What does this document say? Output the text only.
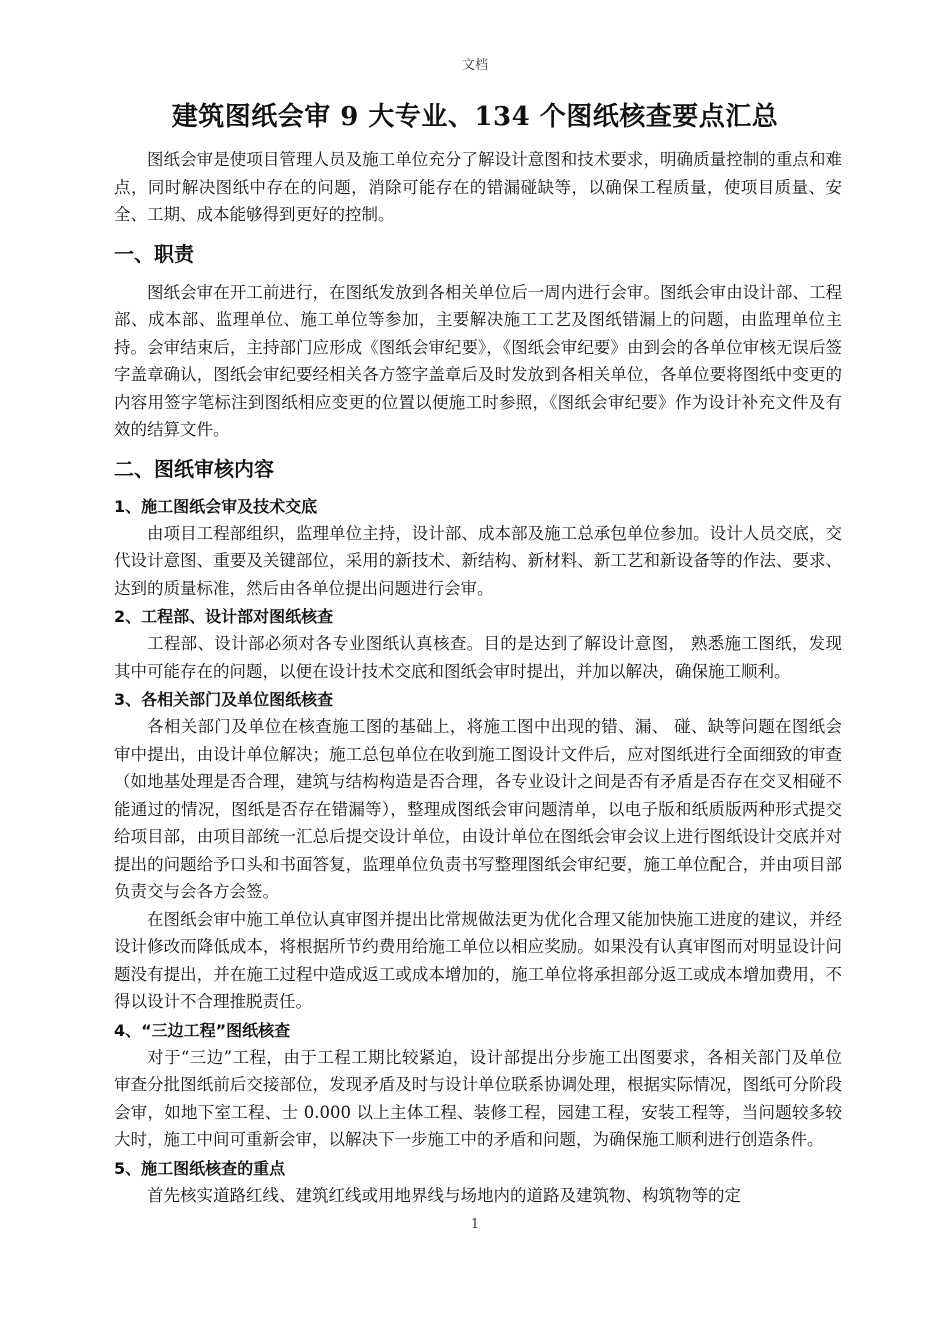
文档
建筑图纸会审 9 大专业、134 个图纸核查要点汇总

图纸会审是使项目管理人员及施工单位充分了解设计意图和技术要求，明确质量控制的重点和难点，同时解决图纸中存在的问题，消除可能存在的错漏碰缺等，以确保工程质量，使项目质量、安全、工期、成本能够得到更好的控制。

一、职责

图纸会审在开工前进行，在图纸发放到各相关单位后一周内进行会审。图纸会审由设计部、工程部、成本部、监理单位、施工单位等参加，主要解决施工工艺及图纸错漏上的问题，由监理单位主持。会审结束后，主持部门应形成《图纸会审纪要》，《图纸会审纪要》由到会的各单位审核无误后签字盖章确认，图纸会审纪要经相关各方签字盖章后及时发放到各相关单位，各单位要将图纸中变更的内容用签字笔标注到图纸相应变更的位置以便施工时参照，《图纸会审纪要》作为设计补充文件及有效的结算文件。

二、图纸审核内容
1、施工图纸会审及技术交底

由项目工程部组织，监理单位主持，设计部、成本部及施工总承包单位参加。设计人员交底，交代设计意图、重要及关键部位，采用的新技术、新结构、新材料、新工艺和新设备等的作法、要求、达到的质量标准，然后由各单位提出问题进行会审。

2、工程部、设计部对图纸核查

工程部、设计部必须对各专业图纸认真核查。目的是达到了解设计意图， 熟悉施工图纸，发现其中可能存在的问题，以便在设计技术交底和图纸会审时提出，并加以解决，确保施工顺利。

3、各相关部门及单位图纸核查

各相关部门及单位在核查施工图的基础上，将施工图中出现的错、漏、 碰、缺等问题在图纸会审中提出，由设计单位解决；施工总包单位在收到施工图设计文件后，应对图纸进行全面细致的审查（如地基处理是否合理，建筑与结构构造是否合理，各专业设计之间是否有矛盾是否存在交叉相碰不能通过的情况，图纸是否存在错漏等），整理成图纸会审问题清单，以电子版和纸质版两种形式提交给项目部，由项目部统一汇总后提交设计单位，由设计单位在图纸会审会议上进行图纸设计交底并对提出的问题给予口头和书面答复，监理单位负责书写整理图纸会审纪要，施工单位配合，并由项目部负责交与会各方会签。

在图纸会审中施工单位认真审图并提出比常规做法更为优化合理又能加快施工进度的建议，并经设计修改而降低成本，将根据所节约费用给施工单位以相应奖励。如果没有认真审图而对明显设计问题没有提出，并在施工过程中造成返工或成本增加的，施工单位将承担部分返工或成本增加费用，不得以设计不合理推脱责任。

4、“三边工程”图纸核查

对于“三边”工程，由于工程工期比较紧迫，设计部提出分步施工出图要求，各相关部门及单位 审查分批图纸前后交接部位，发现矛盾及时与设计单位联系协调处理，根据实际情况，图纸可分阶段会审，如地下室工程、士 0.000 以上主体工程、装修工程，园建工程，安装工程等，当问题较多较大时，施工中间可重新会审，以解决下一步施工中的矛盾和问题，为确保施工顺利进行创造条件。

5、施工图纸核查的重点

首先核实道路红线、建筑红线或用地界线与场地内的道路及建筑物、构筑物等的定

1
